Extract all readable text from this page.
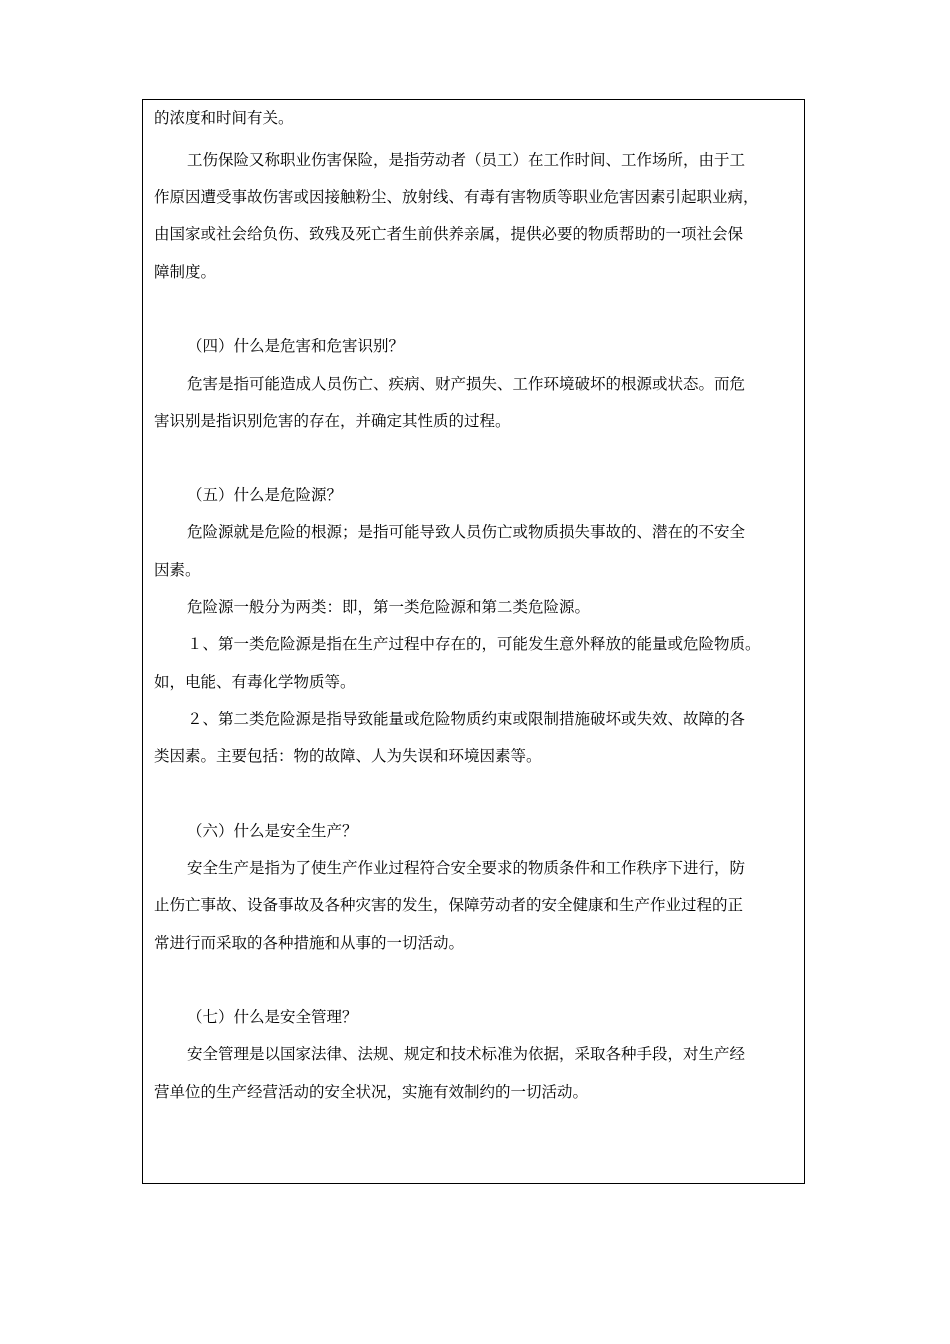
的浓度和时间有关。
工伤保险又称职业伤害保险，是指劳动者（员工）在工作时间、工作场所，由于工
作原因遭受事故伤害或因接触粉尘、放射线、有毒有害物质等职业危害因素引起职业病，
由国家或社会给负伤、致残及死亡者生前供养亲属，提供必要的物质帮助的一项社会保
障制度。
（四）什么是危害和危害识别？
危害是指可能造成人员伤亡、疾病、财产损失、工作环境破坏的根源或状态。而危
害识别是指识别危害的存在，并确定其性质的过程。
（五）什么是危险源？
危险源就是危险的根源；是指可能导致人员伤亡或物质损失事故的、潜在的不安全
因素。
危险源一般分为两类：即，第一类危险源和第二类危险源。
１、第一类危险源是指在生产过程中存在的，可能发生意外释放的能量或危险物质。
如，电能、有毒化学物质等。
２、第二类危险源是指导致能量或危险物质约束或限制措施破坏或失效、故障的各
类因素。主要包括：物的故障、人为失误和环境因素等。
（六）什么是安全生产？
安全生产是指为了使生产作业过程符合安全要求的物质条件和工作秩序下进行，防
止伤亡事故、设备事故及各种灾害的发生，保障劳动者的安全健康和生产作业过程的正
常进行而采取的各种措施和从事的一切活动。
（七）什么是安全管理？
安全管理是以国家法律、法规、规定和技术标准为依据，采取各种手段，对生产经
营单位的生产经营活动的安全状况，实施有效制约的一切活动。
